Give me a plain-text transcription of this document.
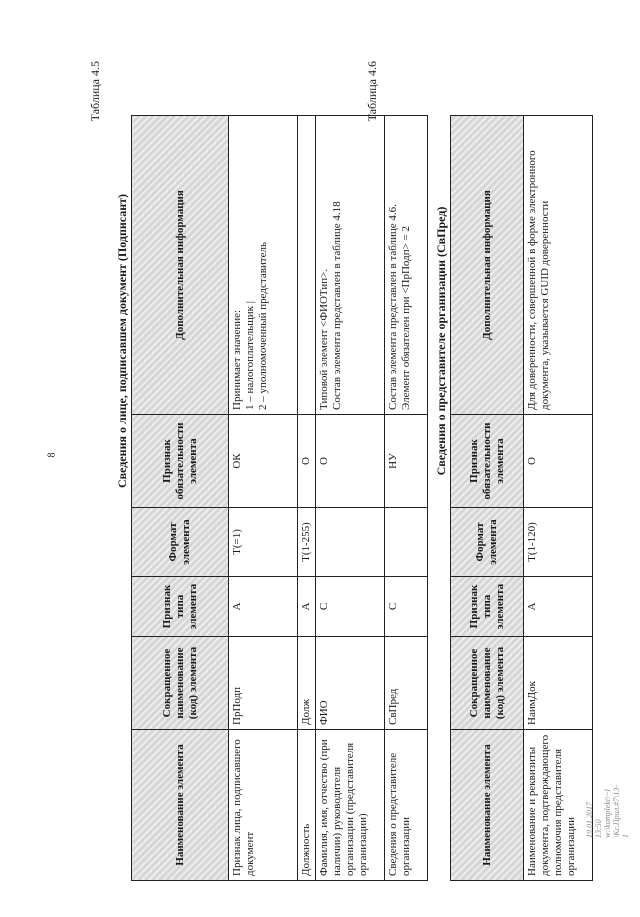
8
Таблица 4.5
Сведения о лице, подписавшем документ (Подписант)
Наименование элемента	Сокращенное наименование (код) элемента	Признак типа элемента	Формат элемента	Признак обязательности элемента	Дополнительная информация
Признак лица, подписавшего документ	ПрПодп	А	Т(=1)	ОК	Принимает значение: 1 – налогоплательщик | 2 – уполномоченный представитель

Должность	Долж	А	Т(1-255)	О	
Фамилия, имя, отчество (при наличии) руководителя организации (представителя организации)	ФИО	С		О	Типовой элемент <ФИОТип>. Состав элемента представлен в таблице 4.18

Сведения о представителе организации	СвПред	С		НУ	Состав элемента представлен в таблице 4.6. Элемент обязателен при <ПрПодп> = 2
Таблица 4.6
Сведения о представителе организации (СвПред)
Наименование элемента	Сокращенное наименование (код) элемента	Признак типа элемента	Формат элемента	Признак обязательности элемента	Дополнительная информация
Наименование и реквизиты документа, подтверждающего полномочия представителя организации	НаимДок	А	Т(1-120)	О	Для доверенности, совершенной в форме электронного документа, указывается GUID доверенности
19.01.2017 13:50 w:\komplekt\~1 \Кс.Прил.#7\13-1
